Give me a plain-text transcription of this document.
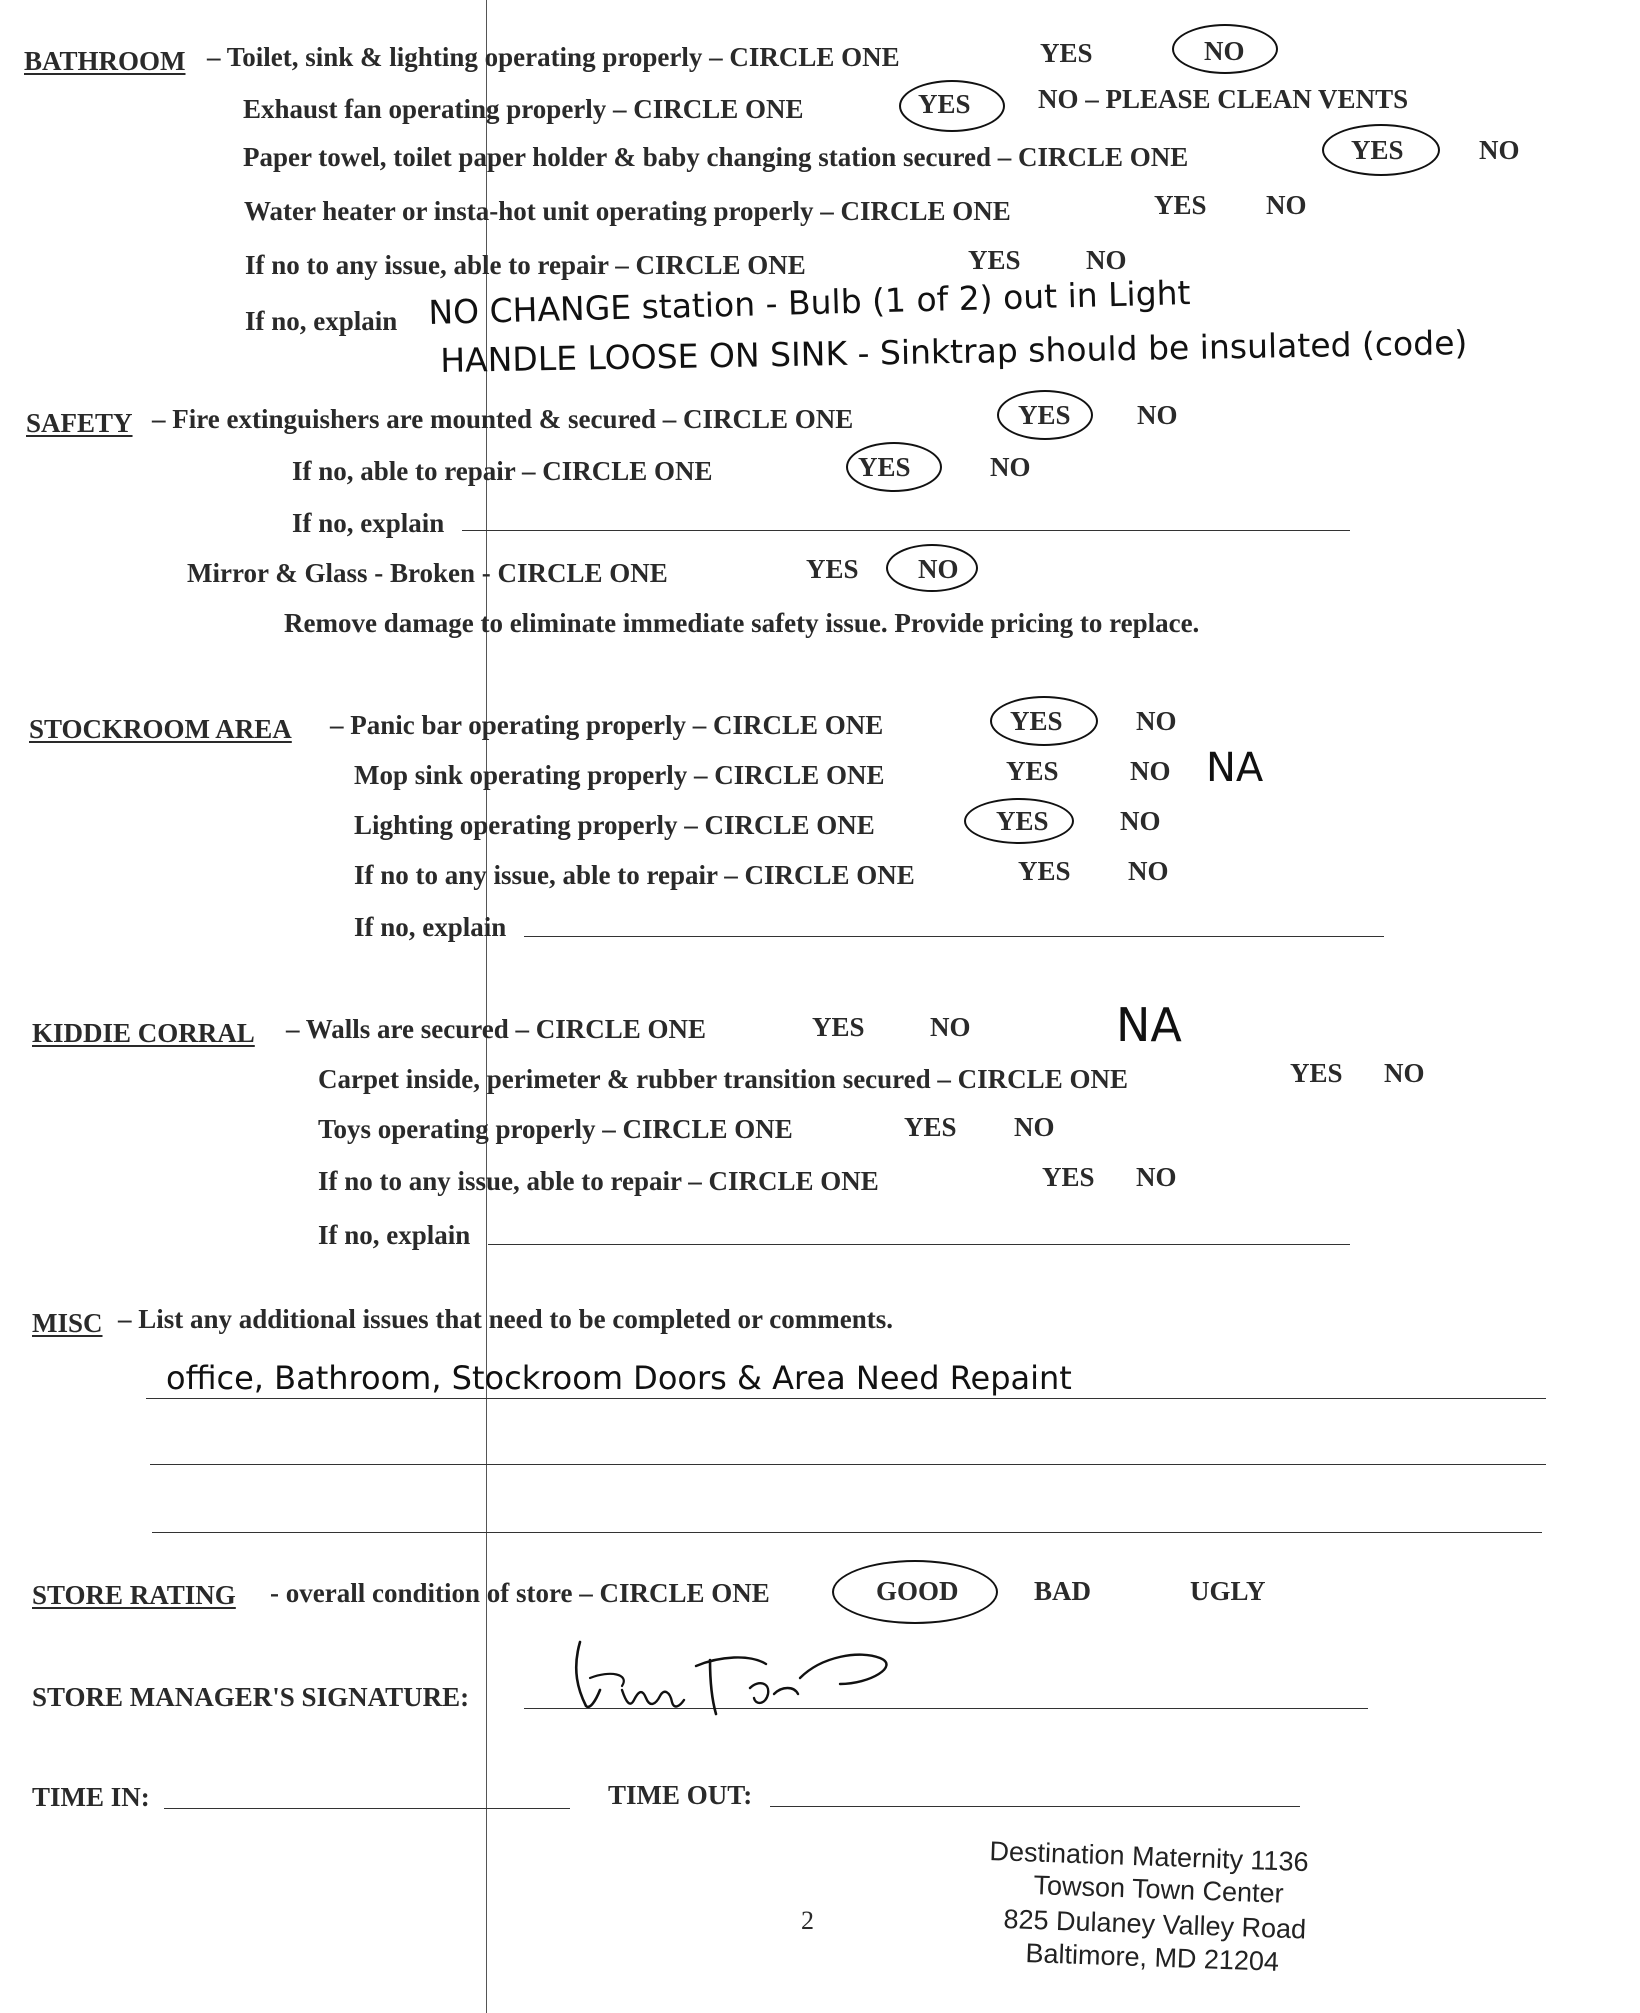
BATHROOM – Toilet, sink & lighting operating properly – CIRCLE ONE	YES	NO
Exhaust fan operating properly – CIRCLE ONE	YES NO – PLEASE CLEAN VENTS
Paper towel, toilet paper holder & baby changing station secured – CIRCLE ONE	YES	NO
Water heater or insta-hot unit operating properly – CIRCLE ONE	YES NO
If no to any issue, able to repair – CIRCLE ONE	YES NO
If no, explain NO CHANGE station - Bulb (1 of 2) out in Light
HANDLE LOOSE ON SINK - Sinktrap should be insulated (code)
SAFETY – Fire extinguishers are mounted & secured – CIRCLE ONE	YES NO
If no, able to repair – CIRCLE ONE	YES	NO
If no, explain
Mirror & Glass - Broken - CIRCLE ONE	YES NO
Remove damage to eliminate immediate safety issue. Provide pricing to replace.
STOCKROOM AREA – Panic bar operating properly – CIRCLE ONE	YES	NO
Mop sink operating properly – CIRCLE ONE	YES	NO NA
Lighting operating properly – CIRCLE ONE	YES	NO
If no to any issue, able to repair – CIRCLE ONE	YES NO
If no, explain
KIDDIE CORRAL – Walls are secured – CIRCLE ONE	YES NO	NA
Carpet inside, perimeter & rubber transition secured – CIRCLE ONE	YES NO
Toys operating properly – CIRCLE ONE	YES NO
If no to any issue, able to repair – CIRCLE ONE	YES NO
If no, explain
MISC – List any additional issues that need to be completed or comments.
office, Bathroom, Stockroom Doors & Area Need Repaint
STORE RATING - overall condition of store – CIRCLE ONE	GOOD	BAD	UGLY
STORE MANAGER'S SIGNATURE:
TIME IN:	TIME OUT:
2
Destination Maternity 1136
Towson Town Center
825 Dulaney Valley Road
Baltimore, MD 21204
